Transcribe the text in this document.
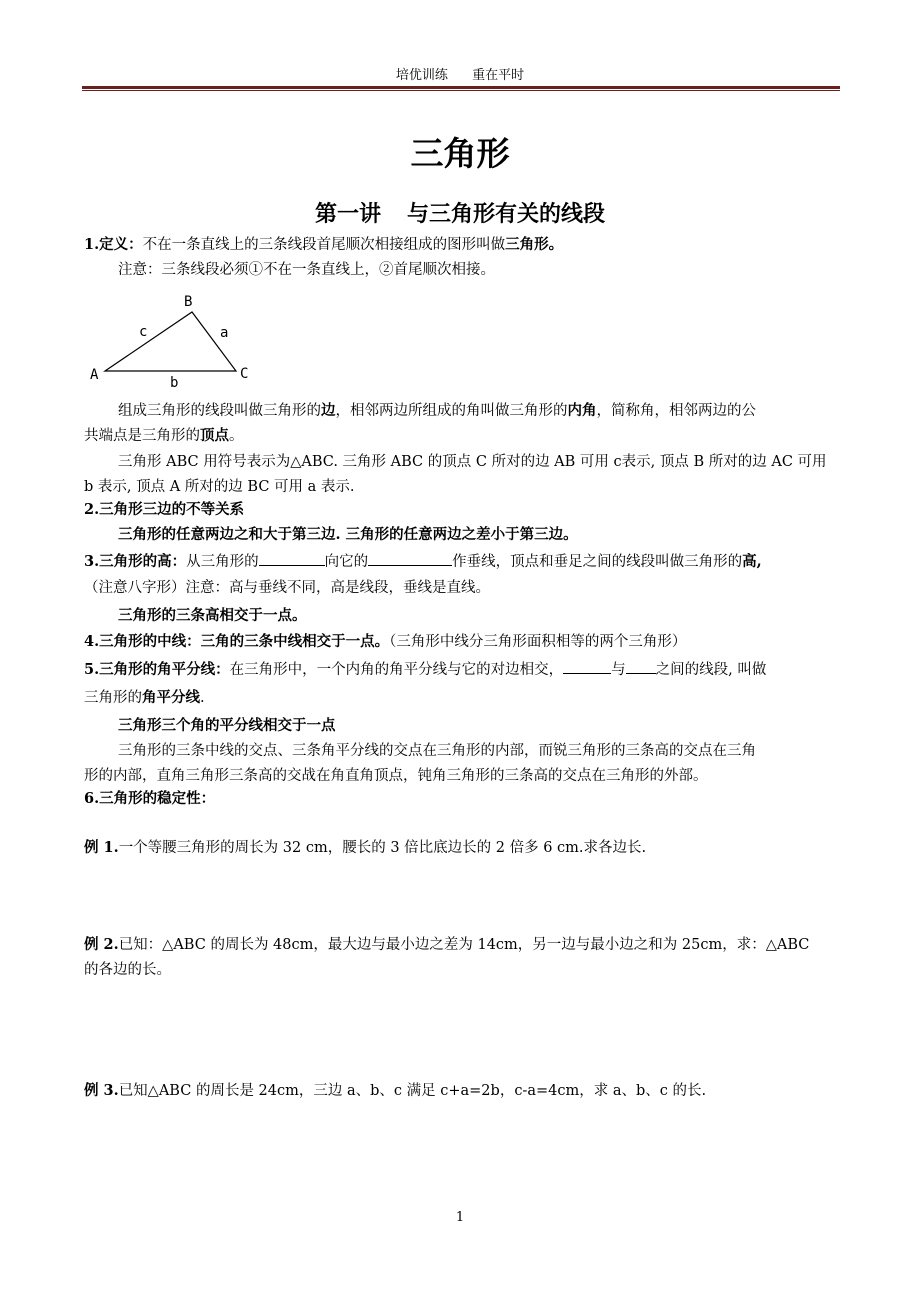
培优训练 重在平时
三角形
第一讲 与三角形有关的线段
1.定义：不在一条直线上的三条线段首尾顺次相接组成的图形叫做三角形。
注意：三条线段必须①不在一条直线上，②首尾顺次相接。
B
A	C
c	a
b
组成三角形的线段叫做三角形的边，相邻两边所组成的角叫做三角形的内角，简称角，相邻两边的公
共端点是三角形的顶点。
三角形 ABC 用符号表示为△ABC. 三角形 ABC 的顶点 C 所对的边 AB 可用 c表示, 顶点 B 所对的边 AC 可用
b 表示, 顶点 A 所对的边 BC 可用 a 表示.
2.三角形三边的不等关系
三角形的任意两边之和大于第三边. 三角形的任意两边之差小于第三边。
3.三角形的高：从三角形的	向它的	作垂线，顶点和垂足之间的线段叫做三角形的高,
（注意八字形）注意：高与垂线不同，高是线段，垂线是直线。
三角形的三条高相交于一点。
4.三角形的中线：三角的三条中线相交于一点。（三角形中线分三角形面积相等的两个三角形）
5.三角形的角平分线：在三角形中，一个内角的角平分线与它的对边相交，	与 之间的线段, 叫做
三角形的角平分线.
三角形三个角的平分线相交于一点
三角形的三条中线的交点、三条角平分线的交点在三角形的内部，而锐三角形的三条高的交点在三角
形的内部，直角三角形三条高的交战在角直角顶点，钝角三角形的三条高的交点在三角形的外部。
6.三角形的稳定性：
例 1.一个等腰三角形的周长为 32 cm，腰长的 3 倍比底边长的 2 倍多 6 cm.求各边长.
例 2.已知：△ABC 的周长为 48cm，最大边与最小边之差为 14cm，另一边与最小边之和为 25cm，求：△ABC
的各边的长。
例 3.已知△ABC 的周长是 24cm，三边 a、b、c 满足 c+a=2b，c-a=4cm，求 a、b、c 的长.
1
